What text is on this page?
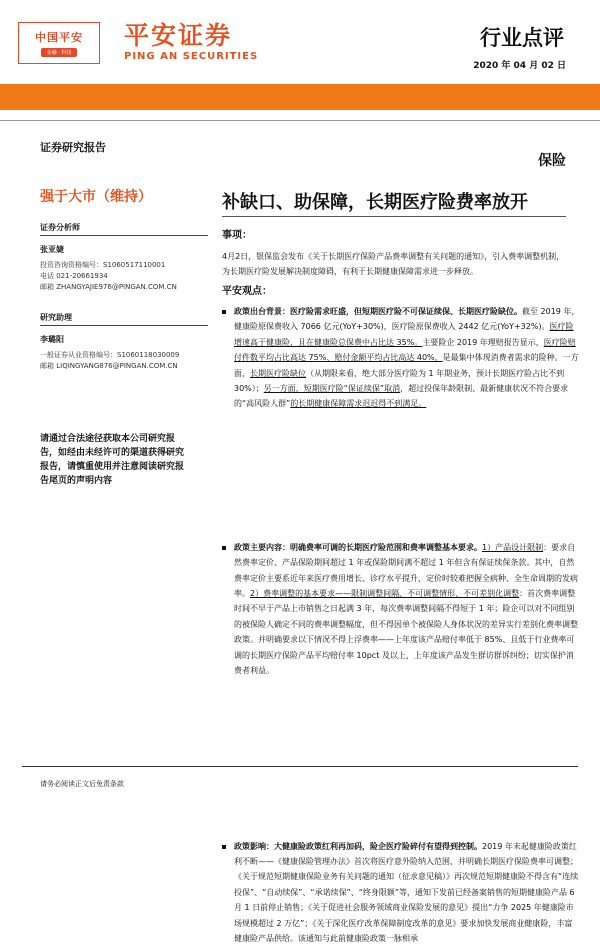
中国平安
金融 · 科技
平安证券
PING AN SECURITIES
行业点评
2020 年 04 月 02 日
证券研究报告
保险
强于大市（维持）	补缺口、助保障，长期医疗险费率放开
证券分析师
张亚婕
投资咨询资格编号：S1060517110001
电话 021-20661934
邮箱 ZHANGYAJIE976@PINGAN.COM.CN
研究助理
李璐阳
一般证券从业资格编号：S1060118030009
邮箱 LIQINGYANG876@PINGAN.COM.CN
请通过合法途径获取本公司研究报告，如经由未经许可的渠道获得研究报告，请慎重使用并注意阅读研究报告尾页的声明内容
事项：
4月2日，银保监会发布《关于长期医疗保险产品费率调整有关问题的通知》，引入费率调整机制，为长期医疗险发展解决制度障碍，有利于长期健康保障需求进一步释放。
平安观点：
政策出台背景：医疗险需求旺盛，但短期医疗险不可保证续保、长期医疗险缺位。截至 2019 年，健康险原保费收入 7066 亿元(YoY+30%)，医疗险原保费收入 2442 亿元(YoY+32%)。医疗险增速高于健康险，且在健康险总保费中占比达 35%。主要险企 2019 年理赔报告显示，医疗险赔付件数平均占比高达 75%、赔付金额平均占比高达 40%，是最集中体现消费者需求的险种。一方面，长期医疗险缺位（从期限来看，绝大部分医疗险为 1 年期业务，预计长期医疗险占比不到 30%）；另一方面，短期医疗险“保证续保”取消，超过投保年龄限制、最新健康状况不符合要求的“高风险人群”的长期健康保障需求迟迟得不到满足。
政策主要内容：明确费率可调的长期医疗险范围和费率调整基本要求。1）产品设计限制：要求自然费率定价、产品保险期间超过 1 年或保险期间满不超过 1 年但含有保证续保条款。其中，自然费率定价主要系近年来医疗费用增长、诊疗水平提升，定价时较难把握全病种、全生命周期的发病率。2）费率调整的基本要求——限制调整间隔、不可调整情形、不可差别化调整：首次费率调整时间不早于产品上市销售之日起满 3 年，每次费率调整间隔不得短于 1 年；险企可以对不同组别的被保险人确定不同的费率调整幅度，但不得因单个被保险人身体状况的差异实行差别化费率调整政策。并明确要求以下情况不得上浮费率——上年度该产品赔付率低于 85%、且低于行业费率可调的长期医疗保险产品平均赔付率 10pct 及以上，上年度该产品发生群访群诉纠纷；切实保护消费者利益。
政策影响：大健康险政策红利再加码，险企医疗险碎付有望得到控制。2019 年末起健康险政策红利不断——《健康保险管理办法》首次将医疗意外险纳入范围，并明确长期医疗保险费率可调整；《关于规范短期健康保险业务有关问题的通知（征求意见稿）》再次规范短期健康险不得含有“连续投保”、“自动续保”、“承诺续保”、“终身限额”等，通知下发前已经备案销售的短期健康险产品 6 月 1 日前停止销售；《关于促进社会服务领域商业保险发展的意见》提出“力争 2025 年健康险市场规模超过 2 万亿”；《关于深化医疗改革保障制度改革的意见》要求加快发展商业健康险，丰富健康险产品供给。该通知与此前健康险政策一脉相承
请务必阅读正文后免责条款
